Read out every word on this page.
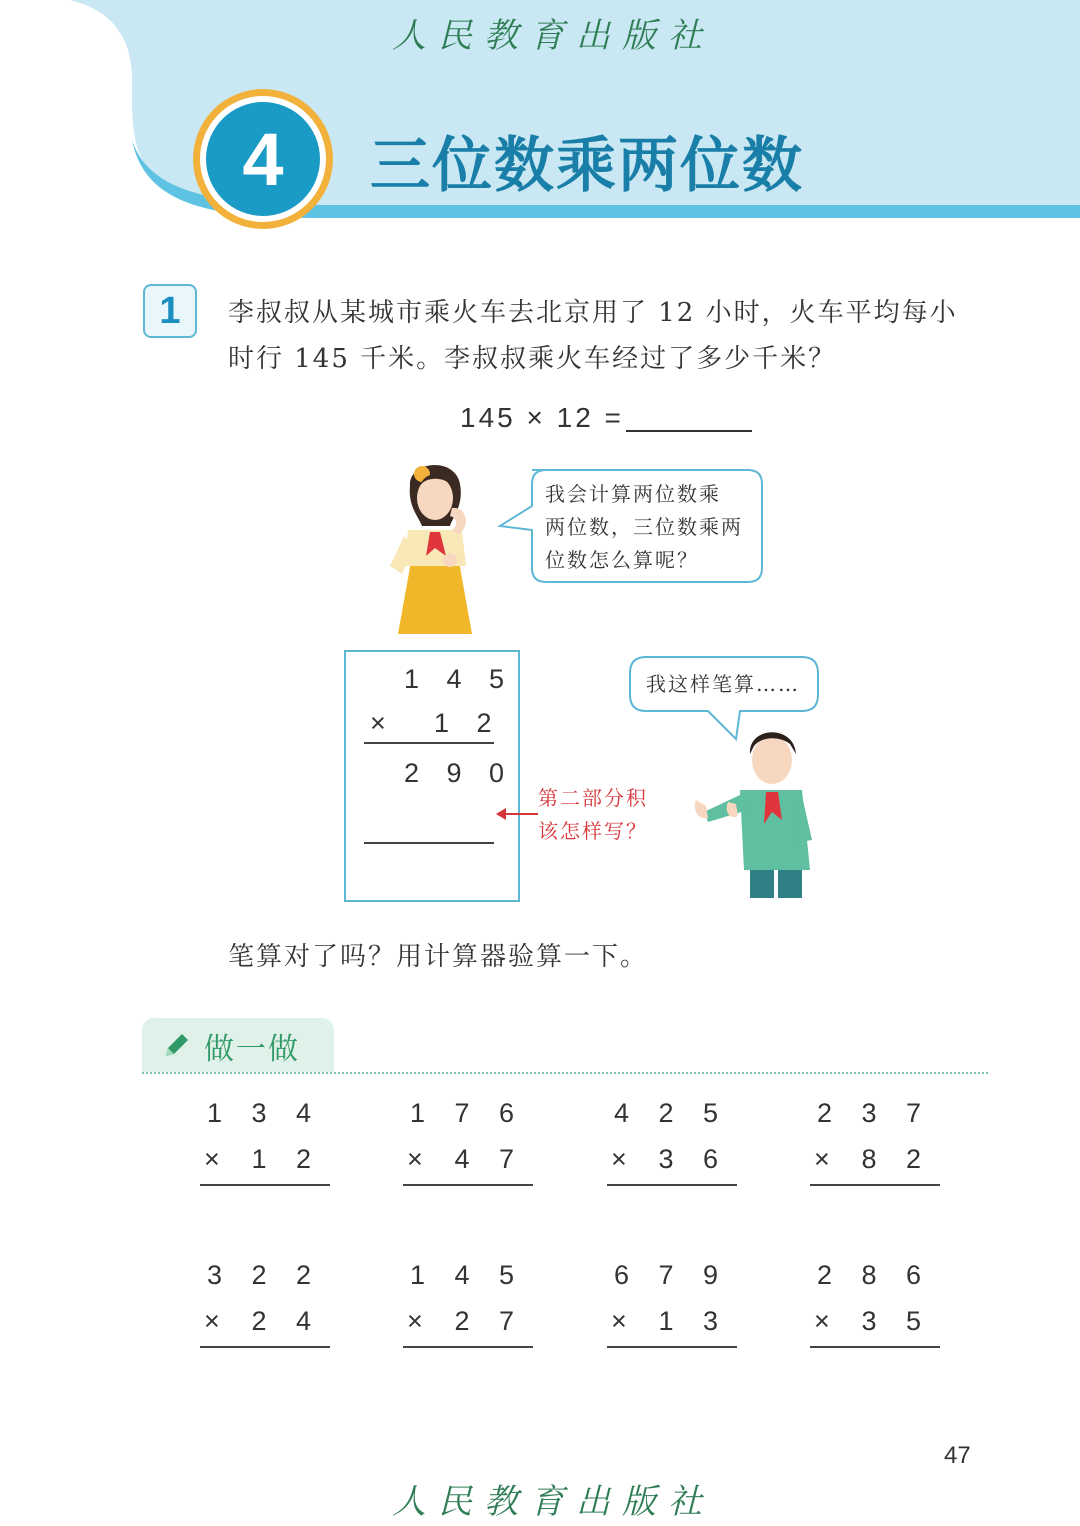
人民教育出版社
4	三位数乘两位数
1	李叔叔从某城市乘火车去北京用了 12 小时，火车平均每小
时行 145 千米。李叔叔乘火车经过了多少千米？
145 × 12 =
我会计算两位数乘
两位数，三位数乘两
位数怎么算呢？
1 4 5
× 1 2
2 9 0
第二部分积
该怎样写？
我这样笔算……
笔算对了吗？用计算器验算一下。
做一做
1 3 4
× 1 2
1 7 6
× 4 7
4 2 5
× 3 6
2 3 7
× 8 2
3 2 2
× 2 4
1 4 5
× 2 7
6 7 9
× 1 3
2 8 6
× 3 5
47
人民教育出版社
